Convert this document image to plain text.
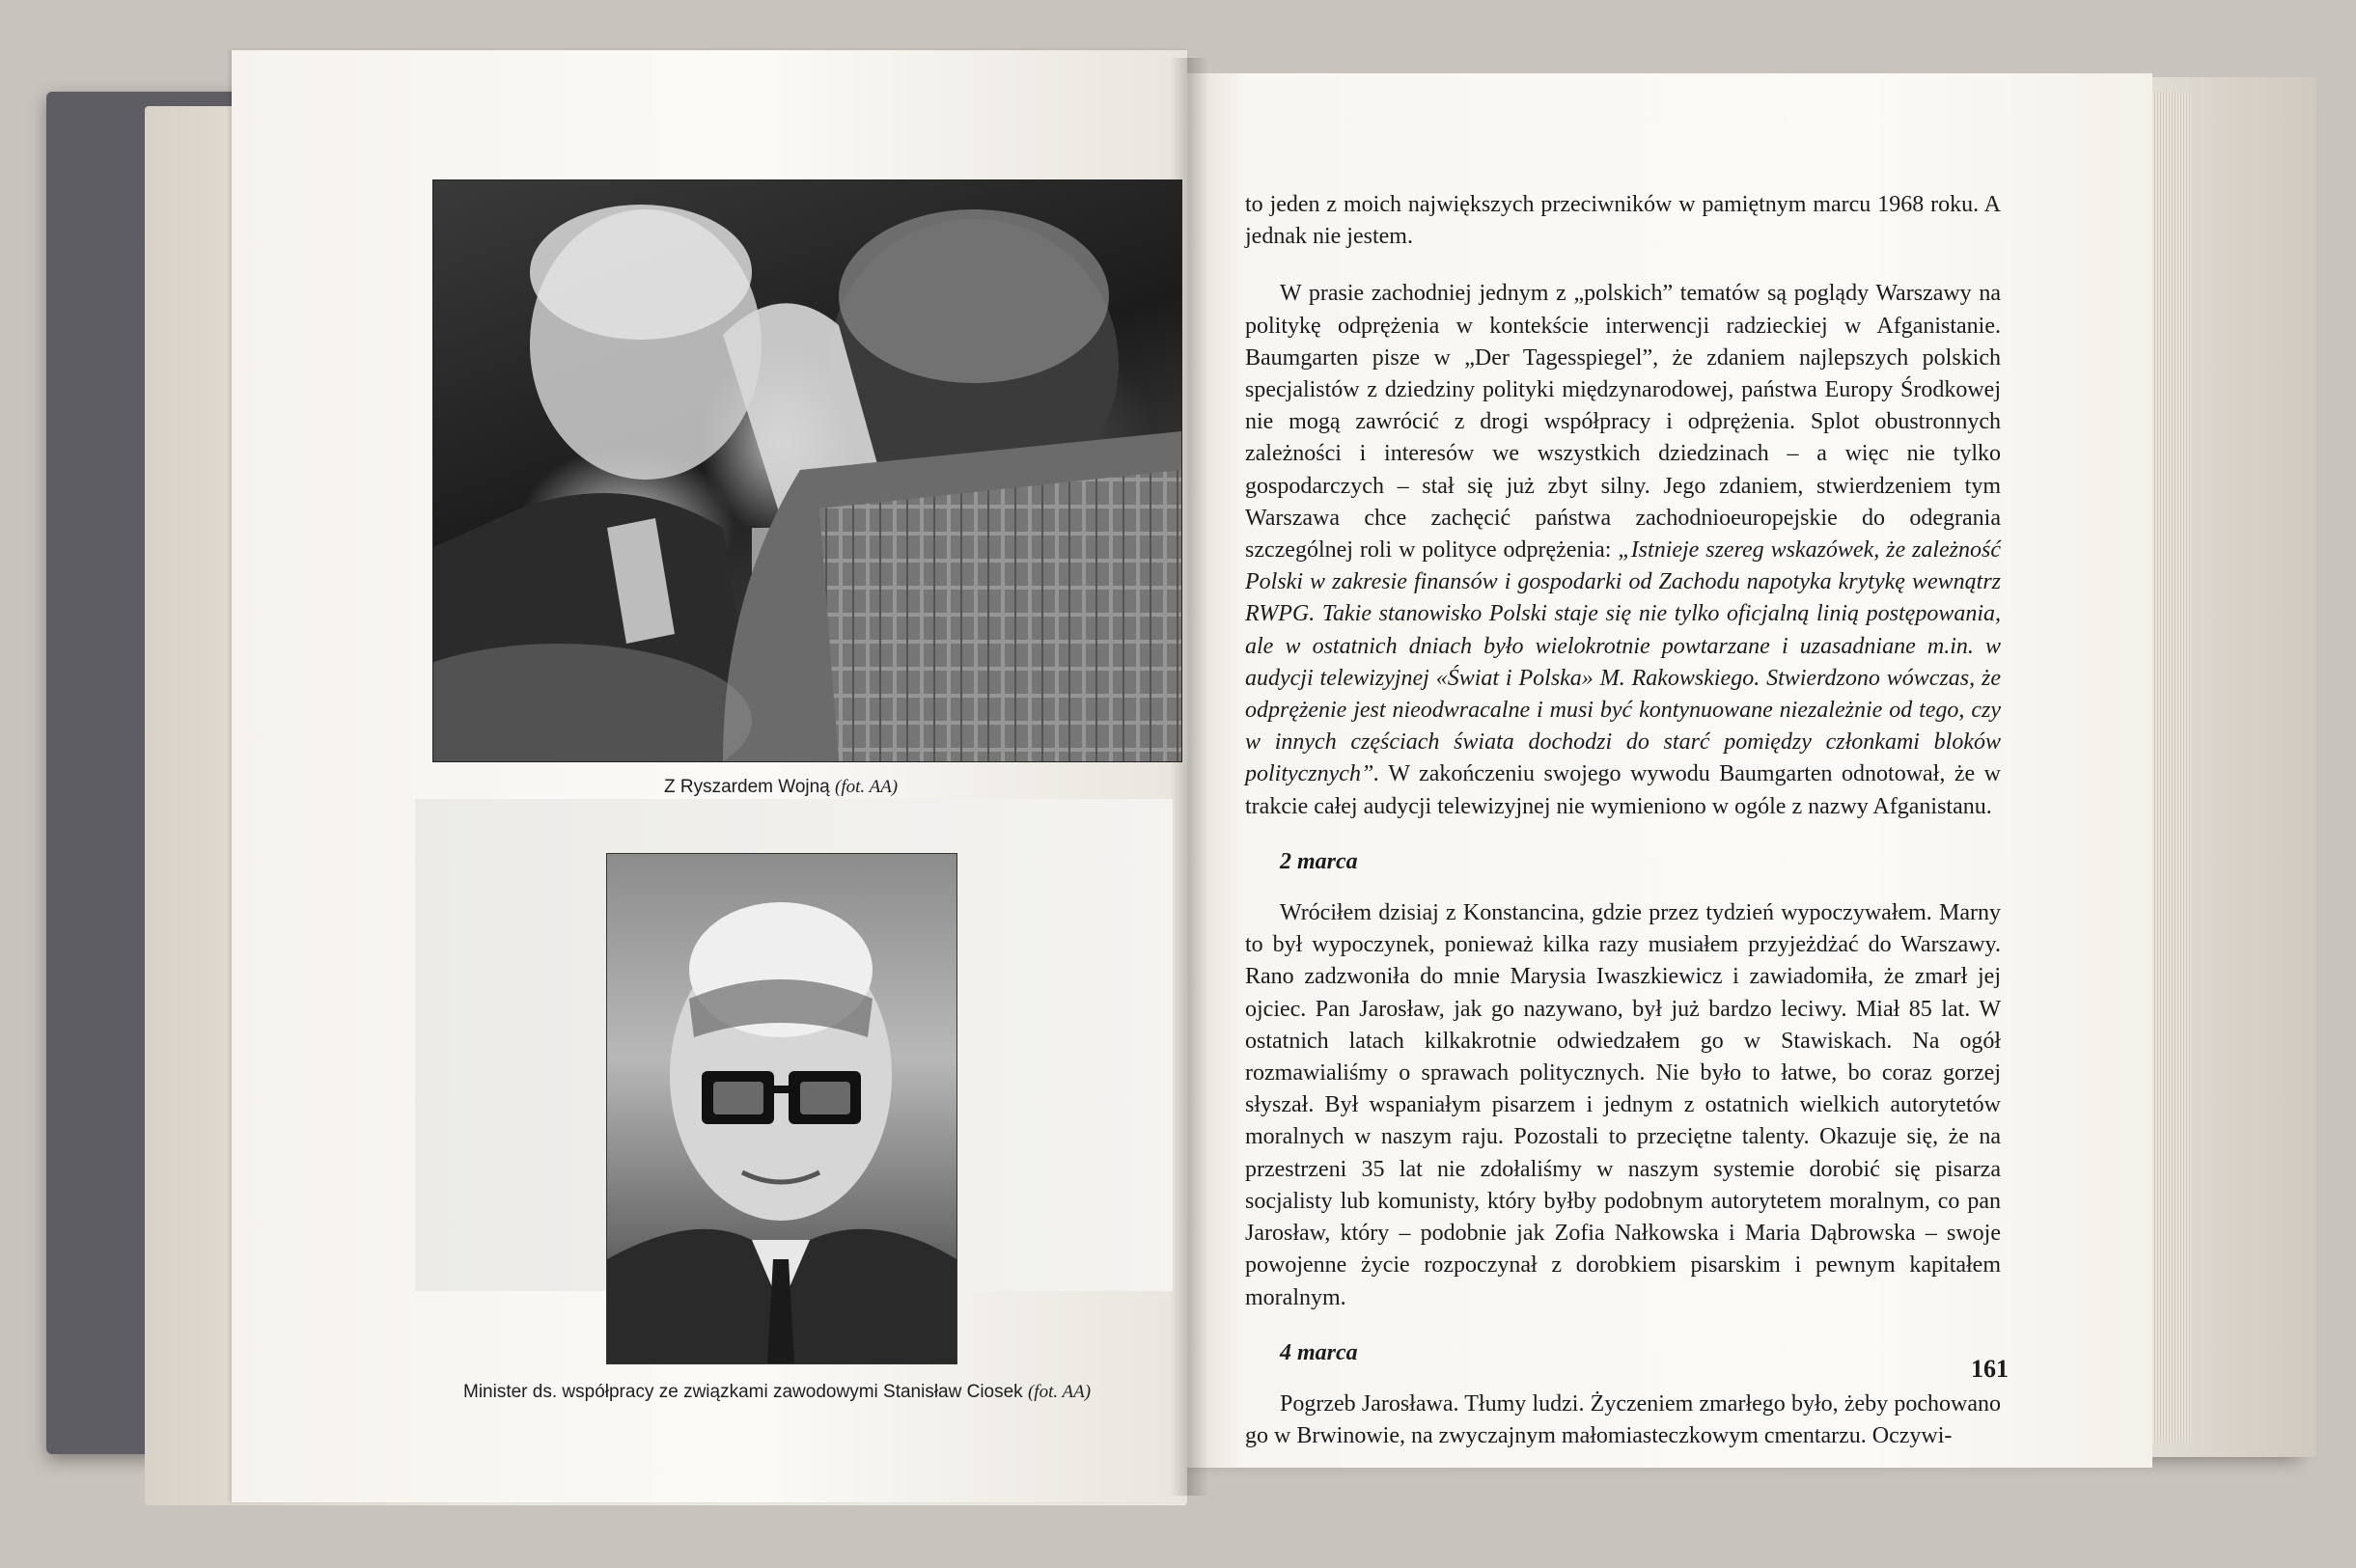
Z Ryszardem Wojną (fot. AA)
Minister ds. współpracy ze związkami zawodowymi Stanisław Ciosek (fot. AA)

to jeden z moich największych przeciwników w pamiętnym marcu 1968 roku. A jednak nie jestem.

W prasie zachodniej jednym z „polskich” tematów są poglądy Warszawy na politykę odprężenia w kontekście interwencji radzieckiej w Afganistanie. Baumgarten pisze w „Der Tagesspiegel”, że zdaniem najlepszych polskich specjalistów z dziedziny polityki międzynarodowej, państwa Europy Środkowej nie mogą zawrócić z drogi współpracy i odprężenia. Splot obustronnych zależności i interesów we wszystkich dziedzinach – a więc nie tylko gospodarczych – stał się już zbyt silny. Jego zdaniem, stwierdzeniem tym Warszawa chce zachęcić państwa zachodnioeuropejskie do odegrania szczególnej roli w polityce odprężenia: „Istnieje szereg wskazówek, że zależność Polski w zakresie finansów i gospodarki od Zachodu napotyka krytykę wewnątrz RWPG. Takie stanowisko Polski staje się nie tylko oficjalną linią postępowania, ale w ostatnich dniach było wielokrotnie powtarzane i uzasadniane m.in. w audycji telewizyjnej «Świat i Polska» M. Rakowskiego. Stwierdzono wówczas, że odprężenie jest nieodwracalne i musi być kontynuowane niezależnie od tego, czy w innych częściach świata dochodzi do starć pomiędzy członkami bloków politycznych”. W zakończeniu swojego wywodu Baumgarten odnotował, że w trakcie całej audycji telewizyjnej nie wymieniono w ogóle z nazwy Afganistanu.

2 marca

Wróciłem dzisiaj z Konstancina, gdzie przez tydzień wypoczywałem. Marny to był wypoczynek, ponieważ kilka razy musiałem przyjeżdżać do Warszawy. Rano zadzwoniła do mnie Marysia Iwaszkiewicz i zawiadomiła, że zmarł jej ojciec. Pan Jarosław, jak go nazywano, był już bardzo leciwy. Miał 85 lat. W ostatnich latach kilkakrotnie odwiedzałem go w Stawiskach. Na ogół rozmawialiśmy o sprawach politycznych. Nie było to łatwe, bo coraz gorzej słyszał. Był wspaniałym pisarzem i jednym z ostatnich wielkich autorytetów moralnych w naszym raju. Pozostali to przeciętne talenty. Okazuje się, że na przestrzeni 35 lat nie zdołaliśmy w naszym systemie dorobić się pisarza socjalisty lub komunisty, który byłby podobnym autorytetem moralnym, co pan Jarosław, który – podobnie jak Zofia Nałkowska i Maria Dąbrowska – swoje powojenne życie rozpoczynał z dorobkiem pisarskim i pewnym kapitałem moralnym.

4 marca

Pogrzeb Jarosława. Tłumy ludzi. Życzeniem zmarłego było, żeby pochowano go w Brwinowie, na zwyczajnym małomiasteczkowym cmentarzu. Oczywi-

161
